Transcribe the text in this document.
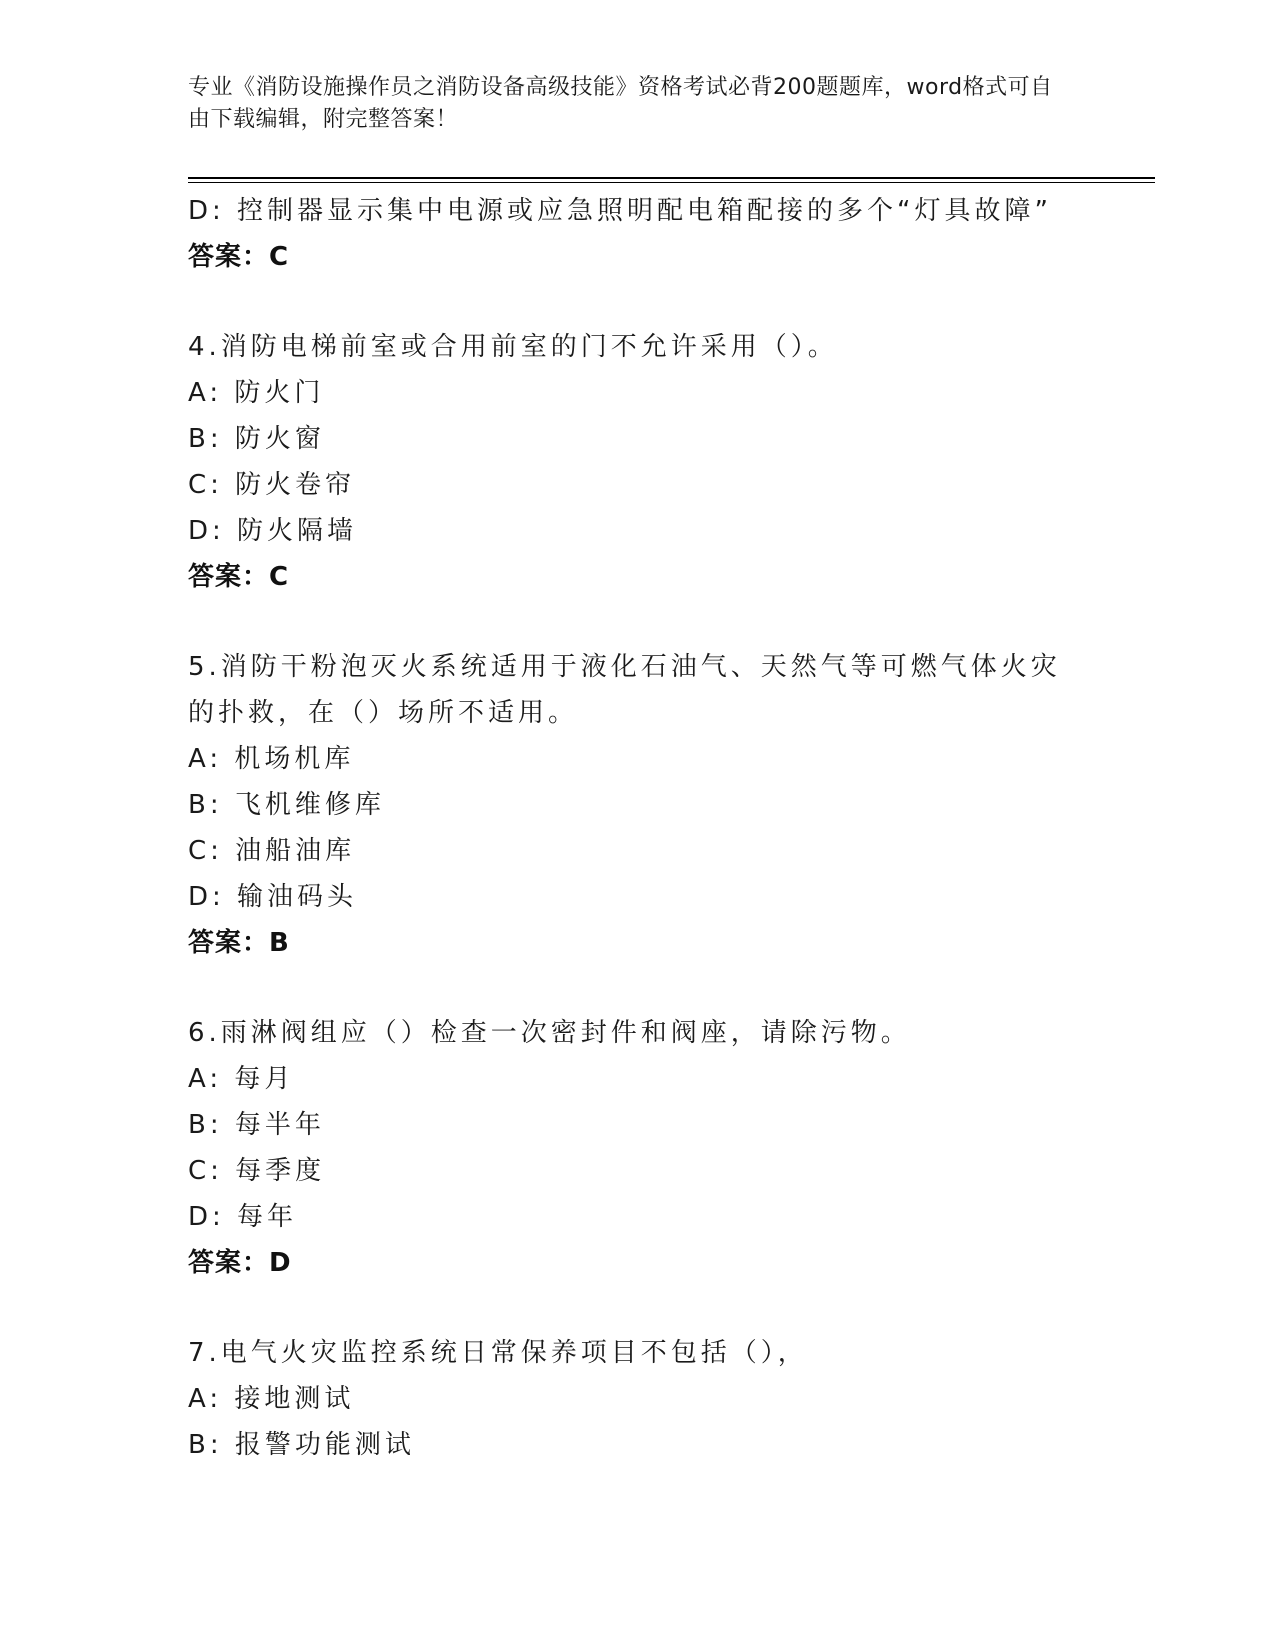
专业《消防设施操作员之消防设备高级技能》资格考试必背200题题库，word格式可自由下载编辑，附完整答案！
D: 控制器显示集中电源或应急照明配电箱配接的多个“灯具故障”
答案：C
4.消防电梯前室或合用前室的门不允许采用（）。
A: 防火门
B: 防火窗
C: 防火卷帘
D: 防火隔墙
答案：C
5.消防干粉泡灭火系统适用于液化石油气、天然气等可燃气体火灾的扑救，在（）场所不适用。
A: 机场机库
B: 飞机维修库
C: 油船油库
D: 输油码头
答案：B
6.雨淋阀组应（）检查一次密封件和阀座，请除污物。
A: 每月
B: 每半年
C: 每季度
D: 每年
答案：D
7.电气火灾监控系统日常保养项目不包括（），
A: 接地测试
B: 报警功能测试
